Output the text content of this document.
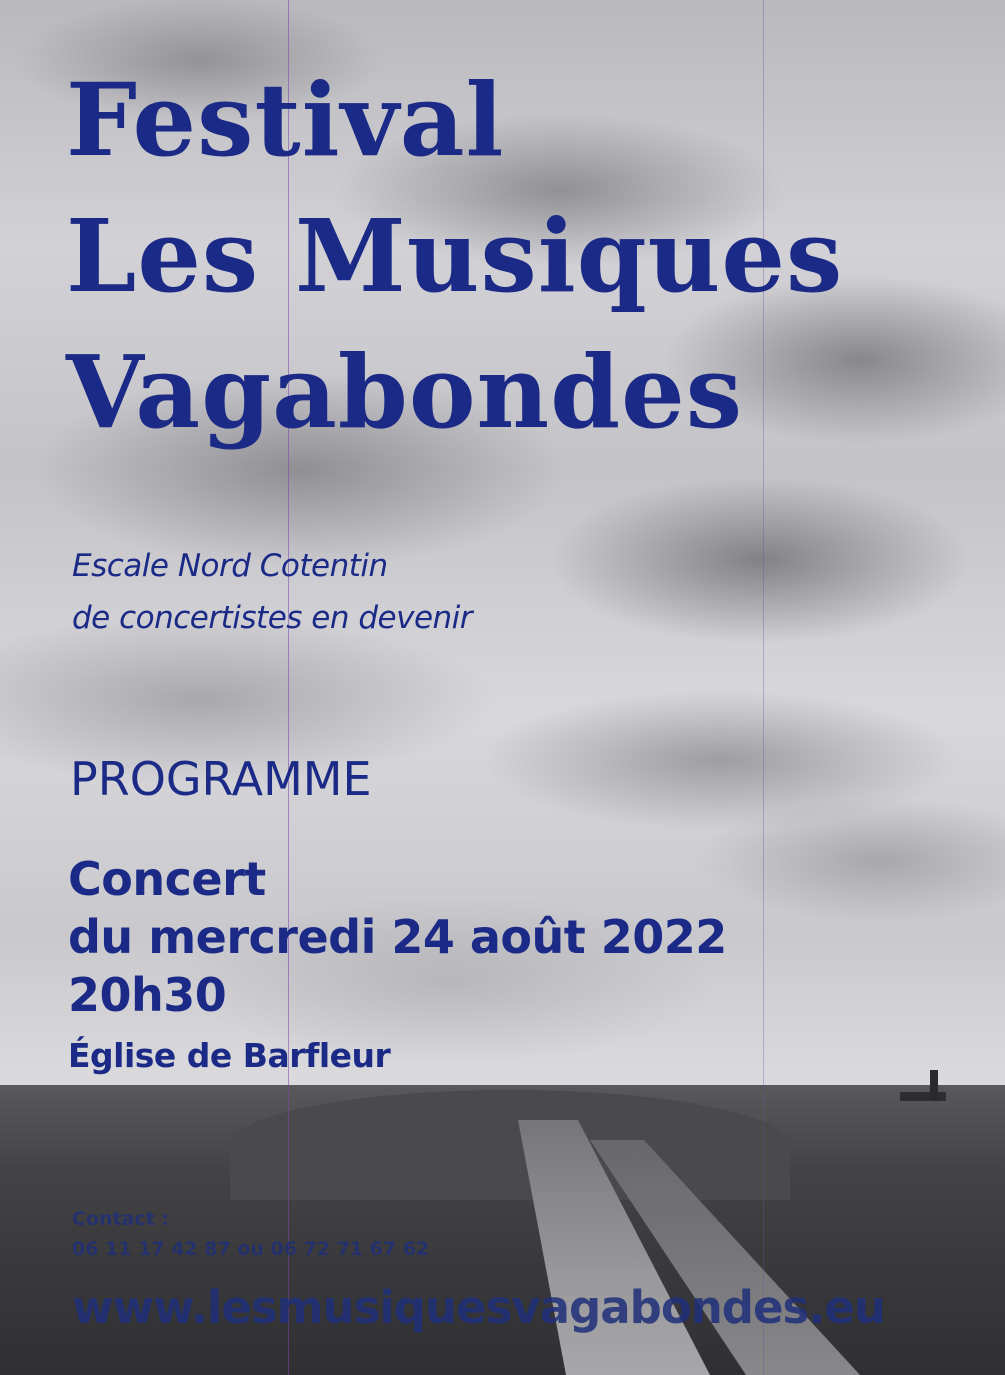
Festival
Les Musiques
Vagabondes
Escale Nord Cotentin
de concertistes en devenir
PROGRAMME
Concert
du mercredi 24 août 2022
20h30
Église de Barfleur
Contact :
06 11 17 42 87 ou 06 72 71 67 62
www.lesmusiquesvagabondes.eu
